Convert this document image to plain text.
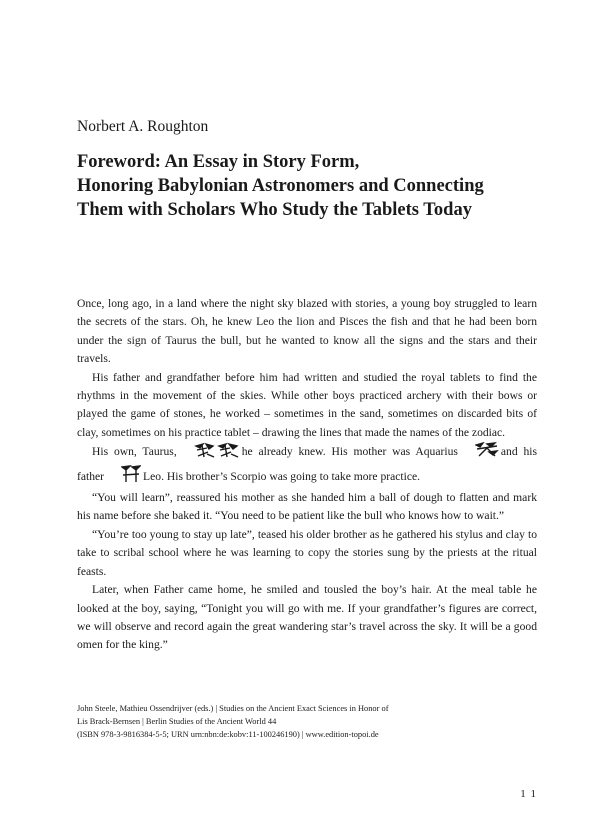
Norbert A. Roughton
Foreword: An Essay in Story Form,
Honoring Babylonian Astronomers and Connecting
Them with Scholars Who Study the Tablets Today

Once, long ago, in a land where the night sky blazed with stories, a young boy struggled to learn the secrets of the stars. Oh, he knew Leo the lion and Pisces the fish and that he had been born under the sign of Taurus the bull, but he wanted to know all the signs and the stars and their travels.

His father and grandfather before him had written and studied the royal tablets to find the rhythms in the movement of the skies. While other boys practiced archery with their bows or played the game of stones, he worked – sometimes in the sand, sometimes on discarded bits of clay, sometimes on his practice tablet – drawing the lines that made the names of the zodiac.

His own, Taurus,	he already knew. His mother was Aquarius	and his father	Leo. His brother’s Scorpio was going to take more practice.

“You will learn”, reassured his mother as she handed him a ball of dough to flatten and mark his name before she baked it. “You need to be patient like the bull who knows how to wait.”

“You’re too young to stay up late”, teased his older brother as he gathered his stylus and clay to take to scribal school where he was learning to copy the stories sung by the priests at the ritual feasts.

Later, when Father came home, he smiled and tousled the boy’s hair. At the meal table he looked at the boy, saying, “Tonight you will go with me. If your grandfather’s figures are correct, we will observe and record again the great wandering star’s travel across the sky. It will be a good omen for the king.”

John Steele, Mathieu Ossendrijver (eds.) | Studies on the Ancient Exact Sciences in Honor of
Lis Brack-Bernsen | Berlin Studies of the Ancient World 44
(ISBN 978-3-9816384-5-5; URN urn:nbn:de:kobv:11-100246190) | www.edition-topoi.de
1 1
